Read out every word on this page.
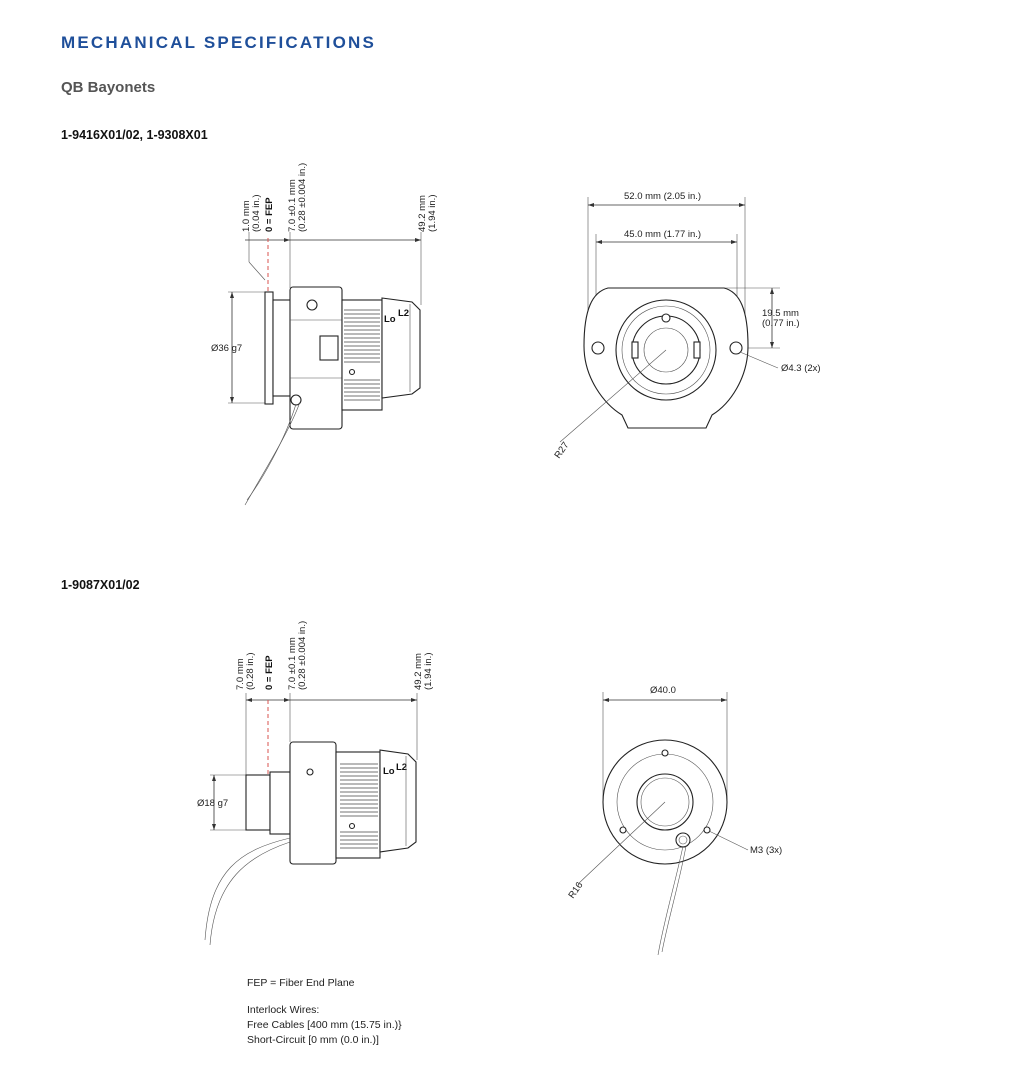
MECHANICAL SPECIFICATIONS
QB Bayonets
1-9416X01/02, 1-9308X01
1-9087X01/02
Lo
L2
1.0 mm (0.04 in.) 0 = FEP 7.0 ±0.1 mm (0.28 ±0.004 in.)	49.2 mm (1.94 in.)
Ø36 g7
52.0 mm (2.05 in.)
45.0 mm (1.77 in.)
19.5 mm
(0.77 in.)
Ø4.3 (2x)
R27
Ø18 g7
Lo L2
7.0 mm (0.28 in.) 0 = FEP 7.0 ±0.1 mm (0.28 ±0.004 in.)	49.2 mm (1.94 in.)
Ø40.0
M3 (3x)
R16

FEP = Fiber End Plane

Interlock Wires:

Free Cables [400 mm (15.75 in.)}

Short-Circuit [0 mm (0.0 in.)]
